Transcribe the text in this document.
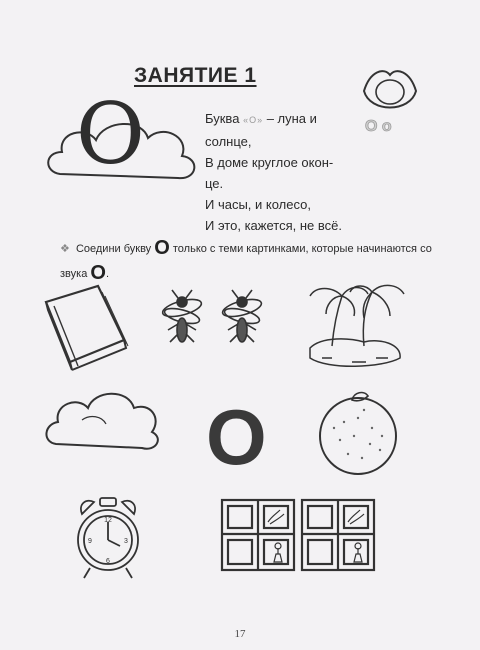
ЗАНЯТИЕ 1
О	Буква «О» – луна и
солнце,
В доме круглое окон-
це.
И часы, и колесо,
И это, кажется, не всё.
О о
❖ Соедини букву О только с теми картинками, которые начинаются со
звука О.
О
12
3
6
9
17
